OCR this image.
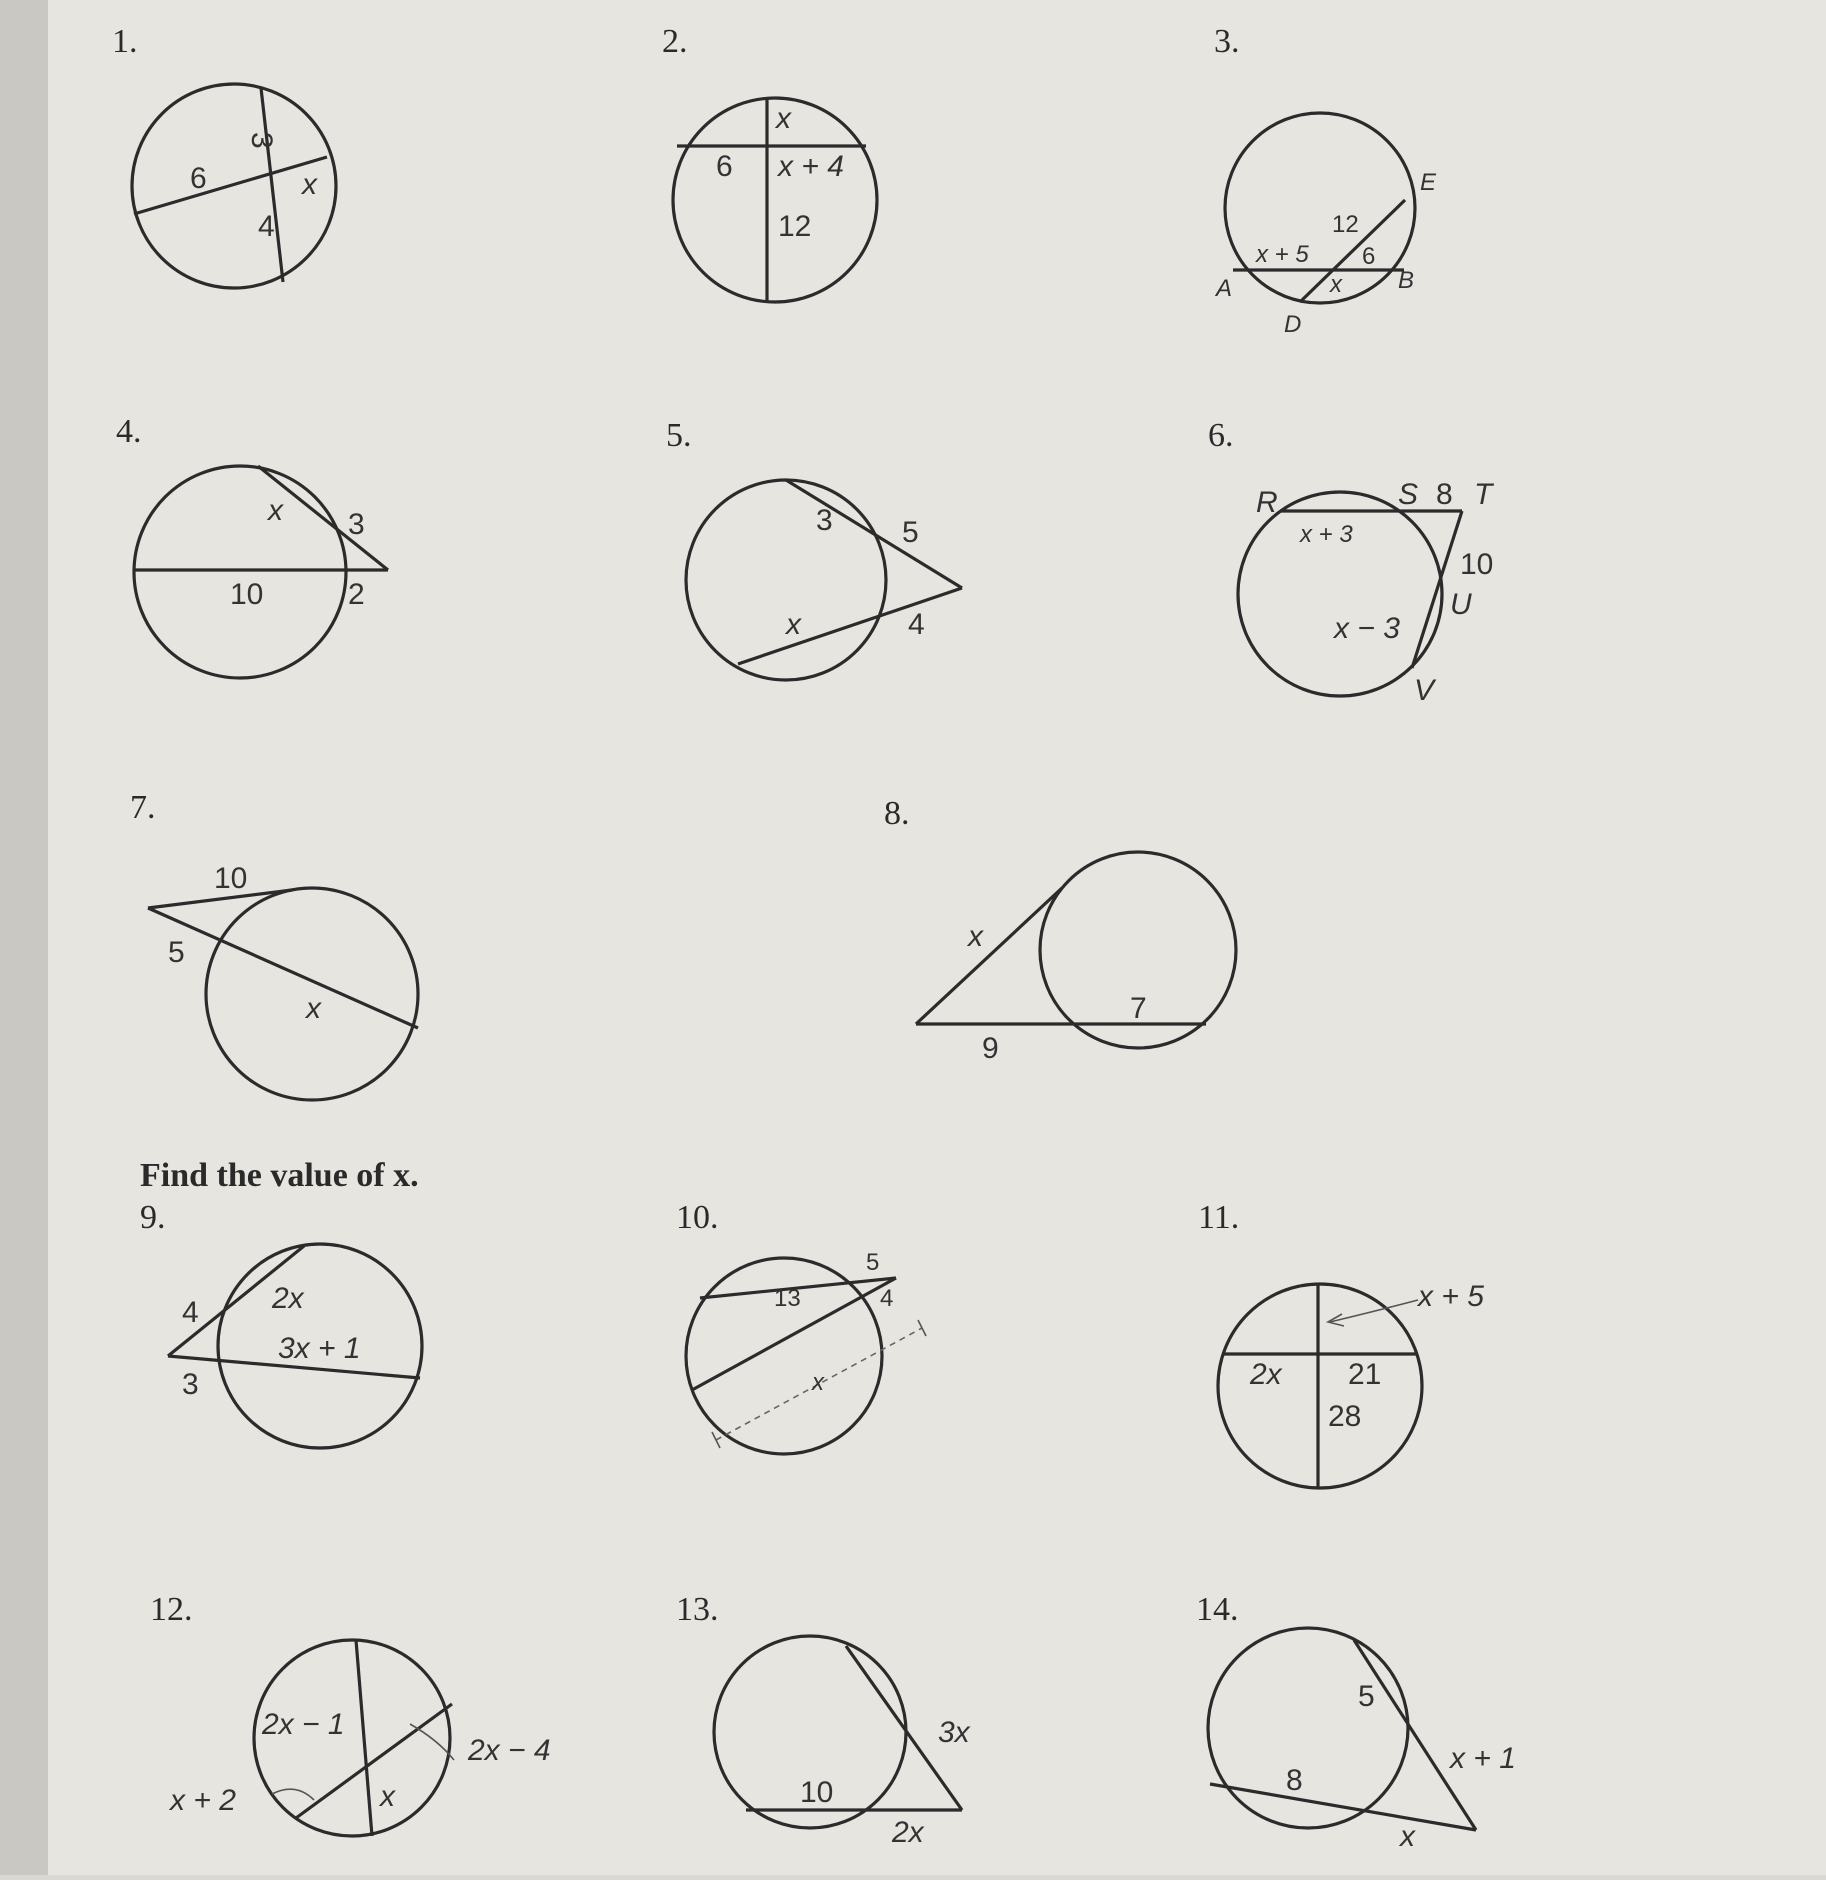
1.
6
3
4
x
2.
x
6 x + 4
12
3.
12
x + 5 6
x
A	B
D
E
4.
x 3
10	2
5.
3 5
x	4
6.
R	S 8 T
x + 3
10
U
x − 3
V
7.
10
5
x
8.
x
7
9
Find the value of x.
9.
4 2x
3x + 1
3
10.
5
13	4
x
11.
x + 5
2x 21
28
12.
2x − 1
2x − 4
x + 2	x
13.
3x
10
2x
14.
5
x + 1
8
x
